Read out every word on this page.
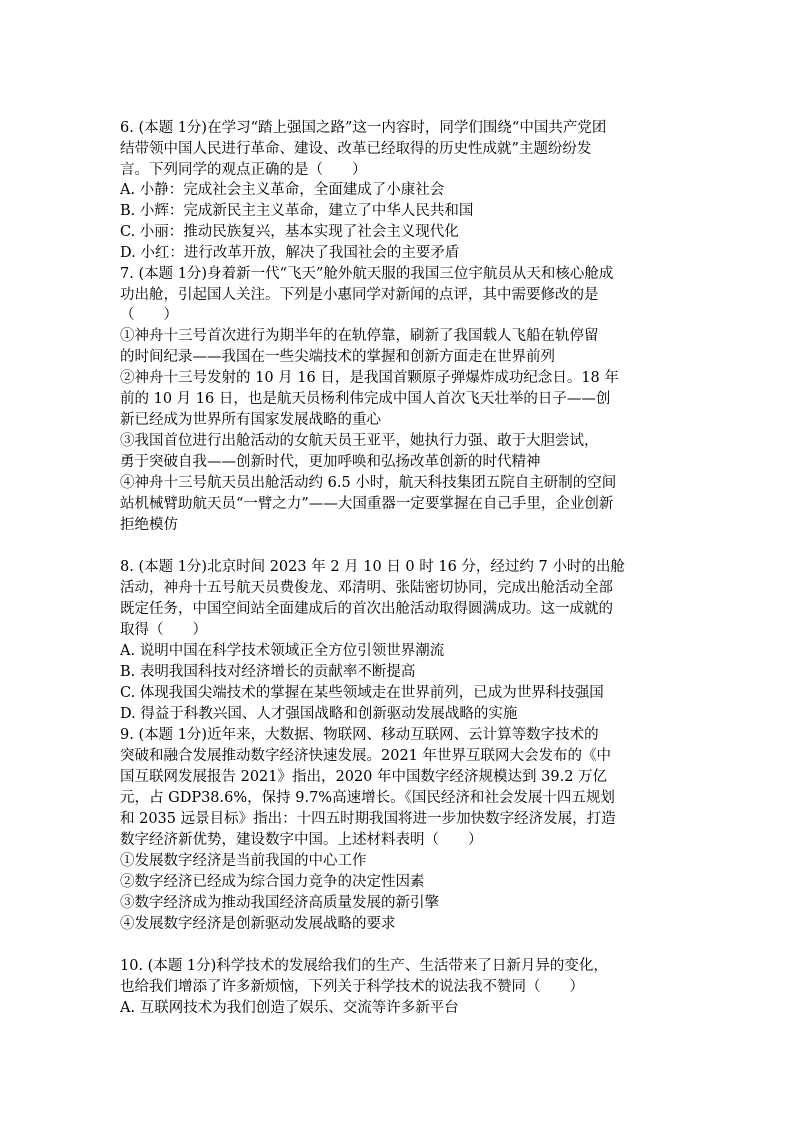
6. (本题 1分)在学习“踏上强国之路”这一内容时，同学们围绕“中国共产党团
结带领中国人民进行革命、建设、改革已经取得的历史性成就”主题纷纷发
言。下列同学的观点正确的是（　　）
A. 小静：完成社会主义革命，全面建成了小康社会
B. 小辉：完成新民主主义革命，建立了中华人民共和国
C. 小丽：推动民族复兴，基本实现了社会主义现代化
D. 小红：进行改革开放，解决了我国社会的主要矛盾
7. (本题 1分)身着新一代“飞天”舱外航天服的我国三位宇航员从天和核心舱成
功出舱，引起国人关注。下列是小惠同学对新闻的点评，其中需要修改的是
（　　）
①神舟十三号首次进行为期半年的在轨停靠，刷新了我国载人飞船在轨停留
的时间纪录——我国在一些尖端技术的掌握和创新方面走在世界前列
②神舟十三号发射的 10 月 16 日，是我国首颗原子弹爆炸成功纪念日。18 年
前的 10 月 16 日，也是航天员杨利伟完成中国人首次飞天壮举的日子——创
新已经成为世界所有国家发展战略的重心
③我国首位进行出舱活动的女航天员王亚平，她执行力强、敢于大胆尝试，
勇于突破自我——创新时代，更加呼唤和弘扬改革创新的时代精神
④神舟十三号航天员出舱活动约 6.5 小时，航天科技集团五院自主研制的空间
站机械臂助航天员“一臂之力”——大国重器一定要掌握在自己手里，企业创新
拒绝模仿
8. (本题 1分)北京时间 2023 年 2 月 10 日 0 时 16 分，经过约 7 小时的出舱
活动，神舟十五号航天员费俊龙、邓清明、张陆密切协同，完成出舱活动全部
既定任务，中国空间站全面建成后的首次出舱活动取得圆满成功。这一成就的
取得（　　）
A. 说明中国在科学技术领域正全方位引领世界潮流
B. 表明我国科技对经济增长的贡献率不断提高
C. 体现我国尖端技术的掌握在某些领域走在世界前列，已成为世界科技强国
D. 得益于科教兴国、人才强国战略和创新驱动发展战略的实施
9. (本题 1分)近年来，大数据、物联网、移动互联网、云计算等数字技术的
突破和融合发展推动数字经济快速发展。2021 年世界互联网大会发布的《中
国互联网发展报告 2021》指出，2020 年中国数字经济规模达到 39.2 万亿
元，占 GDP38.6%，保持 9.7%高速增长。《国民经济和社会发展十四五规划
和 2035 远景目标》指出：十四五时期我国将进一步加快数字经济发展，打造
数字经济新优势，建设数字中国。上述材料表明（　　）
①发展数字经济是当前我国的中心工作
②数字经济已经成为综合国力竞争的决定性因素
③数字经济成为推动我国经济高质量发展的新引擎
④发展数字经济是创新驱动发展战略的要求
10. (本题 1分)科学技术的发展给我们的生产、生活带来了日新月异的变化，
也给我们增添了许多新烦恼，下列关于科学技术的说法我不赞同（　　）
A. 互联网技术为我们创造了娱乐、交流等许多新平台
